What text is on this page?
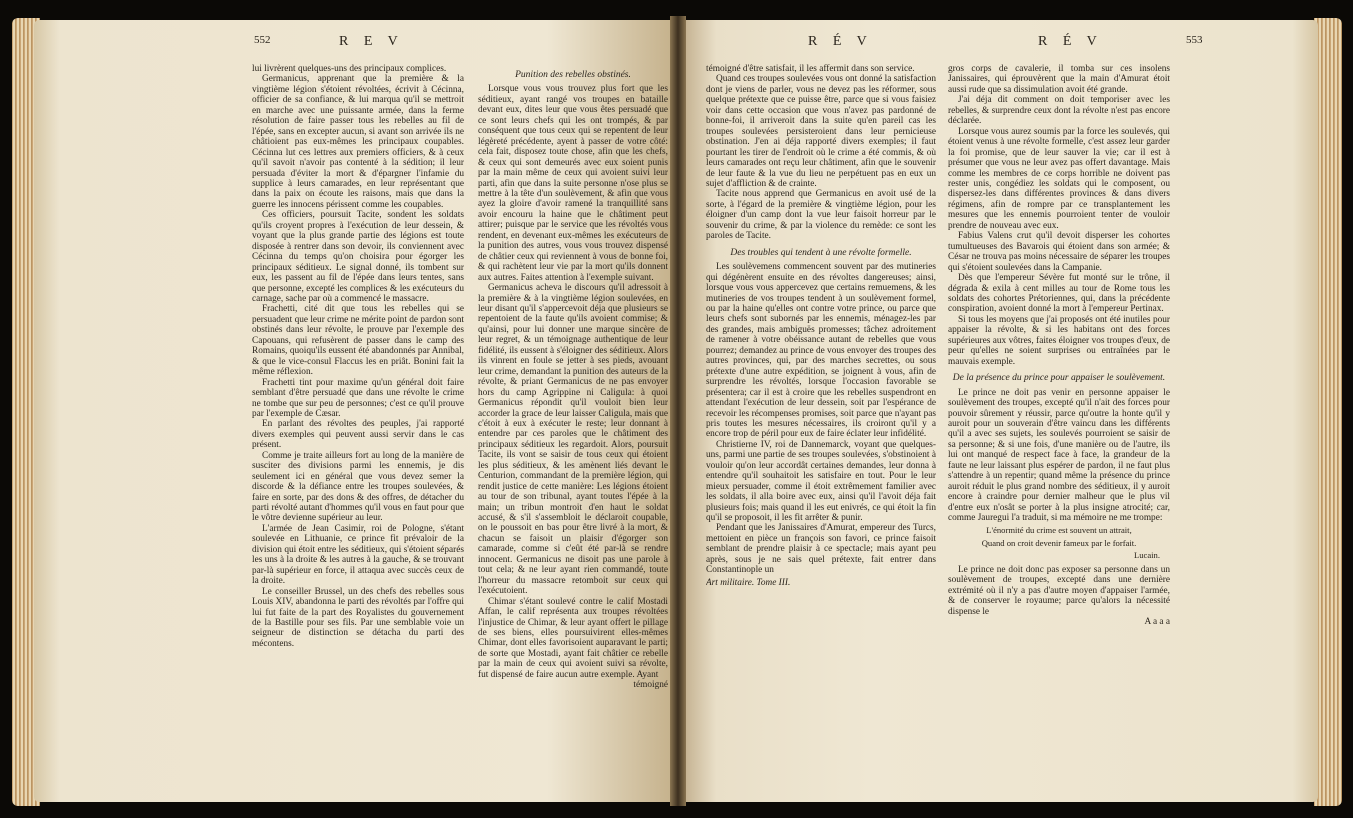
552	R E V

lui livrèrent quelques-uns des principaux complices.

Germanicus, apprenant que la première & la vingtième légion s'étoient révoltées, écrivit à Cécinna, officier de sa confiance, & lui marqua qu'il se mettroit en marche avec une puissante armée, dans la ferme résolution de faire passer tous les rebelles au fil de l'épée, sans en excepter aucun, si avant son arrivée ils ne châtioient pas eux-mêmes les principaux coupables. Cécinna lut ces lettres aux premiers officiers, & à ceux qu'il savoit n'avoir pas contenté à la sédition; il leur persuada d'éviter la mort & d'épargner l'infamie du supplice à leurs camarades, en leur représentant que dans la paix on écoute les raisons, mais que dans la guerre les innocens périssent comme les coupables.

Ces officiers, poursuit Tacite, sondent les soldats qu'ils croyent propres à l'exécution de leur dessein, & voyant que la plus grande partie des légions est toute disposée à rentrer dans son devoir, ils conviennent avec Cécinna du temps qu'on choisira pour égorger les principaux séditieux. Le signal donné, ils tombent sur eux, les passent au fil de l'épée dans leurs tentes, sans que personne, excepté les complices & les exécuteurs du carnage, sache par où a commencé le massacre.

Frachetti, cité dit que tous les rebelles qui se persuadent que leur crime ne mérite point de pardon sont obstinés dans leur révolte, le prouve par l'exemple des Capouans, qui refusèrent de passer dans le camp des Romains, quoiqu'ils eussent été abandonnés par Annibal, & que le vice-consul Flaccus les en priât. Bonini fait la même réflexion.

Frachetti tint pour maxime qu'un général doit faire semblant d'être persuadé que dans une révolte le crime ne tombe que sur peu de personnes; c'est ce qu'il prouve par l'exemple de Cæsar.

En parlant des révoltes des peuples, j'ai rapporté divers exemples qui peuvent aussi servir dans le cas présent.

Comme je traite ailleurs fort au long de la manière de susciter des divisions parmi les ennemis, je dis seulement ici en général que vous devez semer la discorde & la défiance entre les troupes soulevées, & faire en sorte, par des dons & des offres, de détacher du parti révolté autant d'hommes qu'il vous en faut pour que le vôtre devienne supérieur au leur.

L'armée de Jean Casimir, roi de Pologne, s'étant soulevée en Lithuanie, ce prince fit prévaloir de la division qui étoit entre les séditieux, qui s'étoient séparés les uns à la droite & les autres à la gauche, & se trouvant par-là supérieur en force, il attaqua avec succès ceux de la droite.

Le conseiller Brussel, un des chefs des rebelles sous Louis XIV, abandonna le parti des révoltés par l'offre qui lui fut faite de la part des Royalistes du gouvernement de la Bastille pour ses fils. Par une semblable voie un seigneur de distinction se détacha du parti des mécontens.

Punition des rebelles obstinés.

Lorsque vous vous trouvez plus fort que les séditieux, ayant rangé vos troupes en bataille devant eux, dites leur que vous êtes persuadé que ce sont leurs chefs qui les ont trompés, & par conséquent que tous ceux qui se repentent de leur légèreté précédente, ayent à passer de votre côté: cela fait, disposez toute chose, afin que les chefs, & ceux qui sont demeurés avec eux soient punis par la main même de ceux qui avoient suivi leur parti, afin que dans la suite personne n'ose plus se mettre à la tête d'un soulèvement, & afin que vous ayez la gloire d'avoir ramené la tranquillité sans avoir encouru la haine que le châtiment peut attirer; puisque par le service que les révoltés vous rendent, en devenant eux-mêmes les exécuteurs de la punition des autres, vous vous trouvez dispensé de châtier ceux qui reviennent à vous de bonne foi, & qui rachètent leur vie par la mort qu'ils donnent aux autres. Faites attention à l'exemple suivant.

Germanicus acheva le discours qu'il adressoit à la première & à la vingtième légion soulevées, en leur disant qu'il s'appercevoit déja que plusieurs se repentoient de la faute qu'ils avoient commise; & qu'ainsi, pour lui donner une marque sincère de leur regret, & un témoignage authentique de leur fidélité, ils eussent à s'éloigner des séditieux. Alors ils vinrent en foule se jetter à ses pieds, avouant leur crime, demandant la punition des auteurs de la révolte, & priant Germanicus de ne pas envoyer hors du camp Agrippine ni Caligula: à quoi Germanicus répondit qu'il vouloit bien leur accorder la grace de leur laisser Caligula, mais que c'étoit à eux à exécuter le reste; leur donnant à entendre par ces paroles que le châtiment des principaux séditieux les regardoit. Alors, poursuit Tacite, ils vont se saisir de tous ceux qui étoient les plus séditieux, & les amènent liés devant le Centurion, commandant de la première légion, qui rendit justice de cette manière: Les légions étoient au tour de son tribunal, ayant toutes l'épée à la main; un tribun montroit d'en haut le soldat accusé, & s'il s'assembloit le déclaroit coupable, on le poussoit en bas pour être livré à la mort, & chacun se faisoit un plaisir d'égorger son camarade, comme si c'eût été par-là se rendre innocent. Germanicus ne disoit pas une parole à tout cela; & ne leur ayant rien commandé, toute l'horreur du massacre retomboit sur ceux qui l'exécutoient.

Chimar s'étant soulevé contre le calif Mostadi Affan, le calif représenta aux troupes révoltées l'injustice de Chimar, & leur ayant offert le pillage de ses biens, elles poursuivirent elles-mêmes Chimar, dont elles favorisoient auparavant le parti; de sorte que Mostadi, ayant fait châtier ce rebelle par la main de ceux qui avoient suivi sa révolte, fut dispensé de faire aucun autre exemple. Ayant

témoigné

R É V	R É V	553

témoigné d'être satisfait, il les affermit dans son service.

Quand ces troupes soulevées vous ont donné la satisfaction dont je viens de parler, vous ne devez pas les réformer, sous quelque prétexte que ce puisse être, parce que si vous faisiez voir dans cette occasion que vous n'avez pas pardonné de bonne-foi, il arriveroit dans la suite qu'en pareil cas les troupes soulevées persisteroient dans leur pernicieuse obstination. J'en ai déja rapporté divers exemples; il faut pourtant les tirer de l'endroit où le crime a été commis, & où leurs camarades ont reçu leur châtiment, afin que le souvenir de leur faute & la vue du lieu ne perpétuent pas en eux un sujet d'affliction & de crainte.

Tacite nous apprend que Germanicus en avoit usé de la sorte, à l'égard de la première & vingtième légion, pour les éloigner d'un camp dont la vue leur faisoit horreur par le souvenir du crime, & par la violence du remède: ce sont les paroles de Tacite.

Des troubles qui tendent à une révolte formelle.

Les soulèvemens commencent souvent par des mutineries qui dégénèrent ensuite en des révoltes dangereuses; ainsi, lorsque vous vous appercevez que certains remuemens, & les mutineries de vos troupes tendent à un soulèvement formel, ou par la haine qu'elles ont contre votre prince, ou parce que leurs chefs sont subornés par les ennemis, ménagez-les par des grandes, mais ambiguës promesses; tâchez adroitement de ramener à votre obéissance autant de rebelles que vous pourrez; demandez au prince de vous envoyer des troupes des autres provinces, qui, par des marches secrettes, ou sous prétexte d'une autre expédition, se joignent à vous, afin de surprendre les révoltés, lorsque l'occasion favorable se présentera; car il est à croire que les rebelles suspendront en attendant l'exécution de leur dessein, soit par l'espérance de recevoir les récompenses promises, soit parce que n'ayant pas pris toutes les mesures nécessaires, ils croiront qu'il y a encore trop de péril pour eux de faire éclater leur infidélité.

Christierne IV, roi de Dannemarck, voyant que quelques-uns, parmi une partie de ses troupes soulevées, s'obstinoient à vouloir qu'on leur accordât certaines demandes, leur donna à entendre qu'il souhaitoit les satisfaire en tout. Pour le leur mieux persuader, comme il étoit extrêmement familier avec les soldats, il alla boire avec eux, ainsi qu'il l'avoit déja fait plusieurs fois; mais quand il les eut enivrés, ce qui étoit la fin qu'il se proposoit, il les fit arrêter & punir.

Pendant que les Janissaires d'Amurat, empereur des Turcs, mettoient en pièce un françois son favori, ce prince faisoit semblant de prendre plaisir à ce spectacle; mais ayant peu après, sous je ne sais quel prétexte, fait entrer dans Constantinople un

Art militaire. Tome III.

gros corps de cavalerie, il tomba sur ces insolens Janissaires, qui éprouvèrent que la main d'Amurat étoit aussi rude que sa dissimulation avoit été grande.

J'ai déja dit comment on doit temporiser avec les rebelles, & surprendre ceux dont la révolte n'est pas encore déclarée.

Lorsque vous aurez soumis par la force les soulevés, qui étoient venus à une révolte formelle, c'est assez leur garder la foi promise, que de leur sauver la vie; car il est à présumer que vous ne leur avez pas offert davantage. Mais comme les membres de ce corps horrible ne doivent pas rester unis, congédiez les soldats qui le composent, ou dispersez-les dans différentes provinces & dans divers régimens, afin de rompre par ce transplantement les mesures que les ennemis pourroient tenter de vouloir prendre de nouveau avec eux.

Fabius Valens crut qu'il devoit disperser les cohortes tumultueuses des Bavarois qui étoient dans son armée; & César ne trouva pas moins nécessaire de séparer les troupes qui s'étoient soulevées dans la Campanie.

Dès que l'empereur Sévère fut monté sur le trône, il dégrada & exila à cent milles au tour de Rome tous les soldats des cohortes Prétoriennes, qui, dans la précédente conspiration, avoient donné la mort à l'empereur Pertinax.

Si tous les moyens que j'ai proposés ont été inutiles pour appaiser la révolte, & si les habitans ont des forces supérieures aux vôtres, faites éloigner vos troupes d'eux, de peur qu'elles ne soient surprises ou entraînées par le mauvais exemple.

De la présence du prince pour appaiser le soulèvement.

Le prince ne doit pas venir en personne appaiser le soulèvement des troupes, excepté qu'il n'ait des forces pour pouvoir sûrement y réussir, parce qu'outre la honte qu'il y auroit pour un souverain d'être vaincu dans les différents qu'il a avec ses sujets, les soulevés pourroient se saisir de sa personne; & si une fois, d'une manière ou de l'autre, ils lui ont manqué de respect face à face, la grandeur de la faute ne leur laissant plus espérer de pardon, il ne faut plus s'attendre à un repentir; quand même la présence du prince auroit réduit le plus grand nombre des séditieux, il y auroit encore à craindre pour dernier malheur que le plus vil d'entre eux n'osât se porter à la plus insigne atrocité; car, comme Jauregui l'a traduit, si ma mémoire ne me trompe:

L'énormité du crime est souvent un attrait,

Quand on croit devenir fameux par le forfait.

Lucain.

Le prince ne doit donc pas exposer sa personne dans un soulèvement de troupes, excepté dans une dernière extrémité où il n'y a pas d'autre moyen d'appaiser l'armée, & de conserver le royaume; parce qu'alors la nécessité dispense le

A a a a
